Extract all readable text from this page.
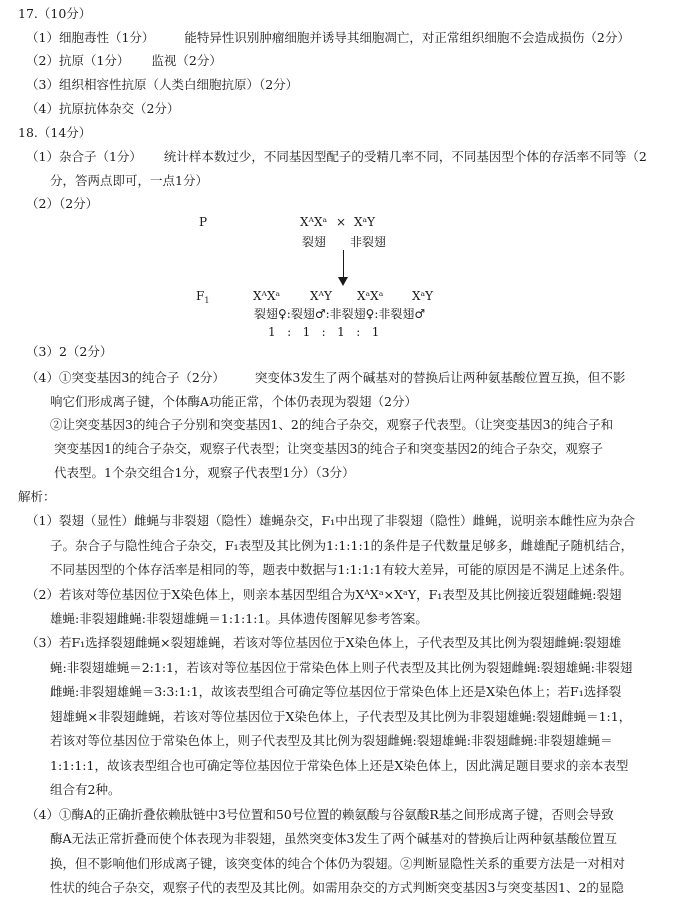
17.（10分）
（1）细胞毒性（1分） 能特异性识别肿瘤细胞并诱导其细胞凋亡，对正常组织细胞不会造成损伤（2分）
（2）抗原（1分） 监视（2分）
（3）组织相容性抗原（人类白细胞抗原）（2分）
（4）抗原抗体杂交（2分）
18.（14分）
（1）杂合子（1分） 统计样本数过少，不同基因型配子的受精几率不同，不同基因型个体的存活率不同等（2
分，答两点即可，一点1分）
（2）（2分）
P	XᴬXᵃ × XᵃY
裂翅 非裂翅
$F_1$	XᴬXᵃ XᴬY XᵃXᵃ XᵃY
裂翅♀:裂翅♂:非裂翅♀:非裂翅♂
1   :   1   :   1   :   1
（3）2（2分）
（4）①突变基因3的纯合子（2分） 突变体3发生了两个碱基对的替换后让两种氨基酸位置互换，但不影
响它们形成离子键，个体酶A功能正常，个体仍表现为裂翅（2分）
②让突变基因3的纯合子分别和突变基因1、2的纯合子杂交，观察子代表型。（让突变基因3的纯合子和
突变基因1的纯合子杂交，观察子代表型；让突变基因3的纯合子和突变基因2的纯合子杂交，观察子
代表型。1个杂交组合1分，观察子代表型1分）（3分）
解析：
（1）裂翅（显性）雌蝇与非裂翅（隐性）雄蝇杂交，F₁中出现了非裂翅（隐性）雌蝇，说明亲本雌性应为杂合
子。杂合子与隐性纯合子杂交，F₁表型及其比例为1:1:1:1的条件是子代数量足够多，雌雄配子随机结合，
不同基因型的个体存活率是相同的等，题表中数据与1:1:1:1有较大差异，可能的原因是不满足上述条件。
（2）若该对等位基因位于X染色体上，则亲本基因型组合为XᴬXᵃ×XᵃY，F₁表型及其比例接近裂翅雌蝇:裂翅
雄蝇:非裂翅雌蝇:非裂翅雄蝇＝1:1:1:1。具体遗传图解见参考答案。
（3）若F₁选择裂翅雌蝇×裂翅雄蝇，若该对等位基因位于X染色体上，子代表型及其比例为裂翅雌蝇:裂翅雄
蝇:非裂翅雄蝇＝2:1:1，若该对等位基因位于常染色体上则子代表型及其比例为裂翅雌蝇:裂翅雄蝇:非裂翅
雌蝇:非裂翅雄蝇＝3:3:1:1，故该表型组合可确定等位基因位于常染色体上还是X染色体上；若F₁选择裂
翅雄蝇×非裂翅雌蝇，若该对等位基因位于X染色体上，子代表型及其比例为非裂翅雄蝇:裂翅雌蝇＝1:1，
若该对等位基因位于常染色体上，则子代表型及其比例为裂翅雌蝇:裂翅雄蝇:非裂翅雌蝇:非裂翅雄蝇＝
1:1:1:1，故该表型组合也可确定等位基因位于常染色体上还是X染色体上，因此满足题目要求的亲本表型
组合有2种。
（4）①酶A的正确折叠依赖肽链中3号位置和50号位置的赖氨酸与谷氨酸R基之间形成离子键，否则会导致
酶A无法正常折叠而使个体表现为非裂翅，虽然突变体3发生了两个碱基对的替换后让两种氨基酸位置互
换，但不影响他们形成离子键，该突变体的纯合个体仍为裂翅。②判断显隐性关系的重要方法是一对相对
性状的纯合子杂交，观察子代的表型及其比例。如需用杂交的方式判断突变基因3与突变基因1、2的显隐
